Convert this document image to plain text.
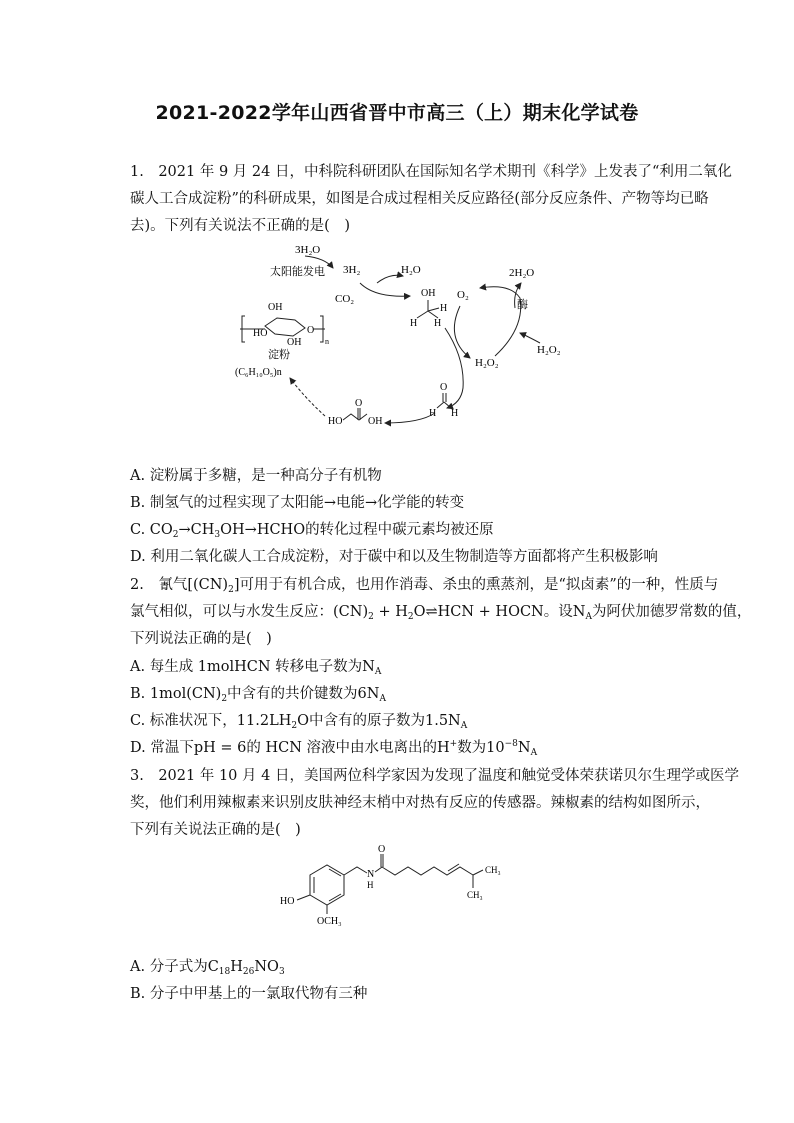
2021-2022学年山西省晋中市高三（上）期末化学试卷
1.　2021 年 9 月 24 日，中科院科研团队在国际知名学术期刊《科学》上发表了“利用二氧化
碳人工合成淀粉”的科研成果，如图是合成过程相关反应路径(部分反应条件、产物等均已略
去)。下列有关说法不正确的是(　)
3H₂O
太阳能发电 3H₂
CO₂
H₂O
OH
H H
H
O₂
H₂O₂
2H₂O
酶
H₂O₂
O
H H
HO
O
OH
OH
HO
OH
O
n
淀粉
(C₆H₁₀O₅)n
A. 淀粉属于多糖，是一种高分子有机物
B. 制氢气的过程实现了太阳能→电能→化学能的转变
C. $CO_2\to CH_3OH\to HCHO$的转化过程中碳元素均被还原
D. 利用二氧化碳人工合成淀粉，对于碳中和以及生物制造等方面都将产生积极影响
2.　氰气$[(CN)_2]$可用于有机合成，也用作消毒、杀虫的熏蒸剂，是“拟卤素”的一种，性质与
氯气相似，可以与水发生反应：$(CN)_2$ + $H_2O\rightleftharpoons HCN$ + HOCN。设$N_A$为阿伏加德罗常数的值，
下列说法正确的是(　)
A. 每生成 1molHCN 转移电子数为$N_A$
B. $1mol(CN)_2$中含有的共价键数为$6N_A$
C. 标准状况下，$11.2LH_2O$中含有的原子数为$1.5N_A$
D. 常温下pH = 6的 HCN 溶液中由水电离出的H+数为$10^{-8}N_A$
3.　2021 年 10 月 4 日，美国两位科学家因为发现了温度和触觉受体荣获诺贝尔生理学或医学
奖，他们利用辣椒素来识别皮肤神经末梢中对热有反应的传感器。辣椒素的结构如图所示，
下列有关说法正确的是(　)
HO
OCH₃
N
H
O
CH₃
CH₃
A. 分子式为$C_{18}H_{26}NO_3$
B. 分子中甲基上的一氯取代物有三种
